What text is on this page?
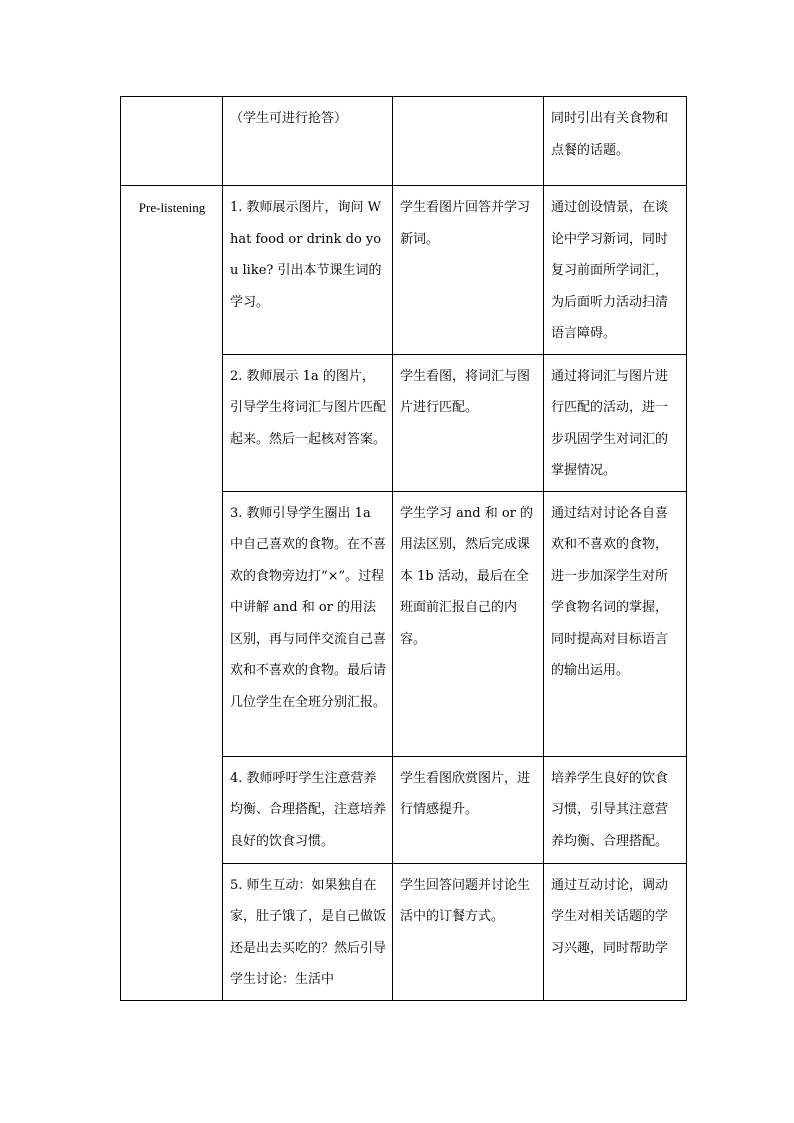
	（学生可进行抢答）		同时引出有关食物和点餐的话题。

Pre-listening	1. 教师展示图片，询问 What food or drink do you like? 引出本节课生词的学习。	学生看图片回答并学习新词。	通过创设情景，在谈论中学习新词，同时复习前面所学词汇，为后面听力活动扫清语言障碍。

	2. 教师展示 1a 的图片，引导学生将词汇与图片匹配起来。然后一起核对答案。	学生看图，将词汇与图片进行匹配。	通过将词汇与图片进行匹配的活动，进一步巩固学生对词汇的掌握情况。

	3. 教师引导学生圈出 1a 中自己喜欢的食物。在不喜欢的食物旁边打“×”。过程中讲解 and 和 or 的用法区别，再与同伴交流自己喜欢和不喜欢的食物。最后请几位学生在全班分别汇报。	学生学习 and 和 or 的用法区别，然后完成课本 1b 活动，最后在全班面前汇报自己的内容。	通过结对讨论各自喜欢和不喜欢的食物，进一步加深学生对所学食物名词的掌握，同时提高对目标语言的输出运用。

	4. 教师呼吁学生注意营养均衡、合理搭配，注意培养良好的饮食习惯。	学生看图欣赏图片，进行情感提升。	培养学生良好的饮食习惯，引导其注意营养均衡、合理搭配。

	5. 师生互动：如果独自在家，肚子饿了，是自己做饭还是出去买吃的？然后引导学生讨论：生活中	学生回答问题并讨论生活中的订餐方式。	通过互动讨论，调动学生对相关话题的学习兴趣，同时帮助学
